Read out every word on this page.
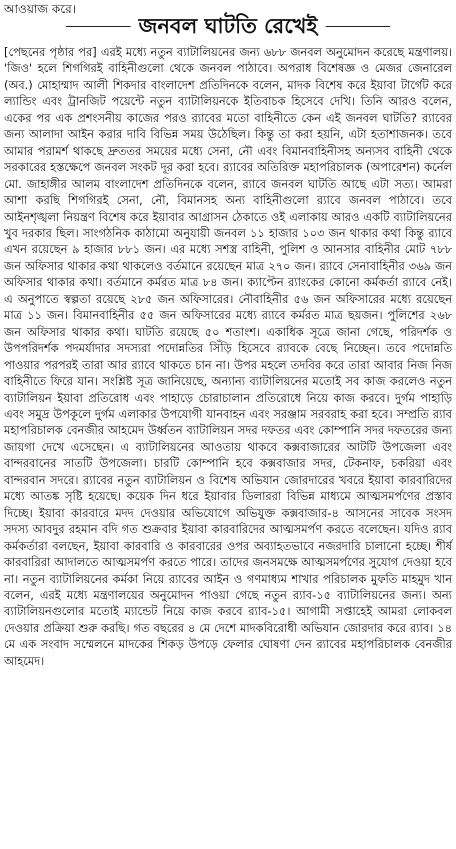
আওয়াজ করে।

জনবল ঘাটতি রেখেই

[পেছনের পৃষ্ঠার পর] এরই মধ্যে নতুন ব্যাটালিয়নের জন্য ৬৮৮ জনবল অনুমোদন করেছে মন্ত্রণালয়। 'জিও' হলে শিগগিরই বাহিনীগুলো থেকে জনবল পাঠাবে। অপরাধ বিশেষজ্ঞ ও মেজর জেনারেল (অব.) মোহাম্মাদ আলী শিকদার বাংলাদেশ প্রতিদিনকে বলেন, মাদক বিশেষ করে ইয়াবা টার্গেট করে ল্যান্ডিং এবং ট্রানজিট পয়েন্টে নতুন ব্যাটালিয়নকে ইতিবাচক হিসেবে দেখি। তিনি আরও বলেন, একের পর এক প্রশংসনীয় কাজের পরও র‍্যাবের মতো বাহিনীতে কেন এই জনবল ঘাটতি? র‍্যাবের জন্য আলাদা আইন করার দাবি বিভিন্ন সময় উঠেছিল। কিন্তু তা করা হয়নি, এটা হতাশাজনক। তবে আমার পরামর্শ থাকছে দ্রুততর সময়ের মধ্যে সেনা, নৌ এবং বিমানবাহিনীসহ অন্যসব বাহিনী থেকে সরকারের হস্তক্ষেপে জনবল সংকট দূর করা হবে। র‍্যাবের অতিরিক্ত মহাপরিচালক (অপারেশন) কর্নেল মো. জাহাঙ্গীর আলম বাংলাদেশ প্রতিদিনকে বলেন, র‍্যাবে জনবল ঘাটতি আছে এটা সত্য। আমরা আশা করছি শিগগিরই সেনা, নৌ, বিমানসহ অন্য বাহিনীগুলো র‍্যাবে জনবল পাঠাবে। তবে আইনশৃঙ্খলা নিয়ন্ত্রণ বিশেষ করে ইয়াবার আগ্রাসন ঠেকাতে ওই এলাকায় আরও একটি ব্যাটালিয়নের খুব দরকার ছিল। সাংগঠনিক কাঠামো অনুযায়ী জনবল ১১ হাজার ১০৩ জন থাকার কথা কিন্তু র‍্যাবে এখন রয়েছেন ৯ হাজার ৮৮১ জন। এর মধ্যে সশস্ত্র বাহিনী, পুলিশ ও আনসার বাহিনীর মোট ৭৮৮ জন অফিসার থাকার কথা থাকলেও বর্তমানে রয়েছেন মাত্র ২৭০ জন। র‍্যাবে সেনাবাহিনীর ৩৬৯ জন অফিসার থাকার কথা। বর্তমানে কর্মরত মাত্র ৮৪ জন। ক্যাপ্টেন র‍্যাংকের কোনো কর্মকর্তা র‍্যাবে নেই। এ অনুপাতে স্বল্পতা রয়েছে ২৮৫ জন অফিসারের। নৌবাহিনীর ৫৬ জন অফিসারের মধ্যে রয়েছেন মাত্র ১১ জন। বিমানবাহিনীর ৫৫ জন অফিসারের মধ্যে র‍্যাবে কর্মরত মাত্র ছয়জন। পুলিশের ২৬৮ জন অফিসার থাকার কথা। ঘাটতি রয়েছে ৫০ শতাংশ। একাধিক সূত্রে জানা গেছে, পরিদর্শক ও উপপরিদর্শক পদমর্যাদার সদস্যরা পদোন্নতির সিঁড়ি হিসেবে র‍্যাবকে বেছে নিচ্ছেন। তবে পদোন্নতি পাওয়ার পরপরই তারা আর র‍্যাবে থাকতে চান না। উপর মহলে তদবির করে তারা আবার নিজ নিজ বাহিনীতে ফিরে যান। সংশ্লিষ্ট সূত্র জানিয়েছে, অন্যান্য ব্যাটালিয়নের মতোই সব কাজ করলেও নতুন ব্যাটালিয়ন ইয়াবা প্রতিরোধ এবং পাহাড়ে চোরাচালান প্রতিরোধে নিয়ে কাজ করবে। দুর্গম পাহাড়ি এবং সমুদ্র উপকূলে দুর্গম এলাকার উপযোগী যানবাহন এবং সরঞ্জাম সরবরাহ করা হবে। সম্প্রতি র‍্যাব মহাপরিচালক বেনজীর আহমেদ উর্ধ্বতন ব্যাটালিয়ন সদর দফতর এবং কোম্পানি সদর দফতরের জন্য জায়গা দেখে এসেছেন। এ ব্যাটালিয়নের আওতায় থাকবে কক্সবাজারের আটটি উপজেলা এবং বান্দরবানের সাতটি উপজেলা। চারটি কোম্পানি হবে কক্সবাজার সদর, টেকনাফ, চকরিয়া এবং বান্দরবান সদরে। র‍্যাবের নতুন ব্যাটালিয়ন ও বিশেষ অভিযান জোরদারের খবরে ইয়াবা কারবারিদের মধ্যে আতঙ্ক সৃষ্টি হয়েছে। কয়েক দিন ধরে ইয়াবার ডিলাররা বিভিন্ন মাধ্যমে আত্মসমর্পণের প্রস্তাব দিচ্ছে। ইয়াবা কারবারে মদদ দেওয়ার অভিযোগে অভিযুক্ত কক্সবাজার-৪ আসনের সাবেক সংসদ সদস্য আবদুর রহমান বদি গত শুক্রবার ইয়াবা কারবারিদের আত্মসমর্পণ করতে বলেছেন। যদিও র‍্যাব কর্মকর্তারা বলছেন, ইয়াবা কারবারি ও কারবারের ওপর অব্যাহতভাবে নজরদারি চালানো হচ্ছে। শীর্ষ কারবারিরা আদালতে আত্মসমর্পণ করতে পারে। তাদের জনসমক্ষে আত্মসমর্পণের সুযোগ দেওয়া হবে না। নতুন ব্যাটালিয়নের কর্মকা নিয়ে র‍্যাবের আইন ও গণমাধ্যম শাখার পরিচালক মুফতি মাহমুদ খান বলেন, এরই মধ্যে মন্ত্রণালয়ের অনুমোদন পাওয়া গেছে নতুন র‍্যাব-১৫ ব্যাটালিয়নের জন্য। অন্য ব্যাটালিয়নগুলোর মতোই ম্যান্ডেট নিয়ে কাজ করবে র‍্যাব-১৫। আগামী সপ্তাহেই আমরা লোকবল দেওয়ার প্রক্রিয়া শুরু করছি। গত বছরের ৪ মে দেশে মাদকবিরোধী অভিযান জোরদার করে র‍্যাব। ১৪ মে এক সংবাদ সম্মেলনে মাদকের শিকড় উপড়ে ফেলার ঘোষণা দেন র‍্যাবের মহাপরিচালক বেনজীর আহমেদ।
